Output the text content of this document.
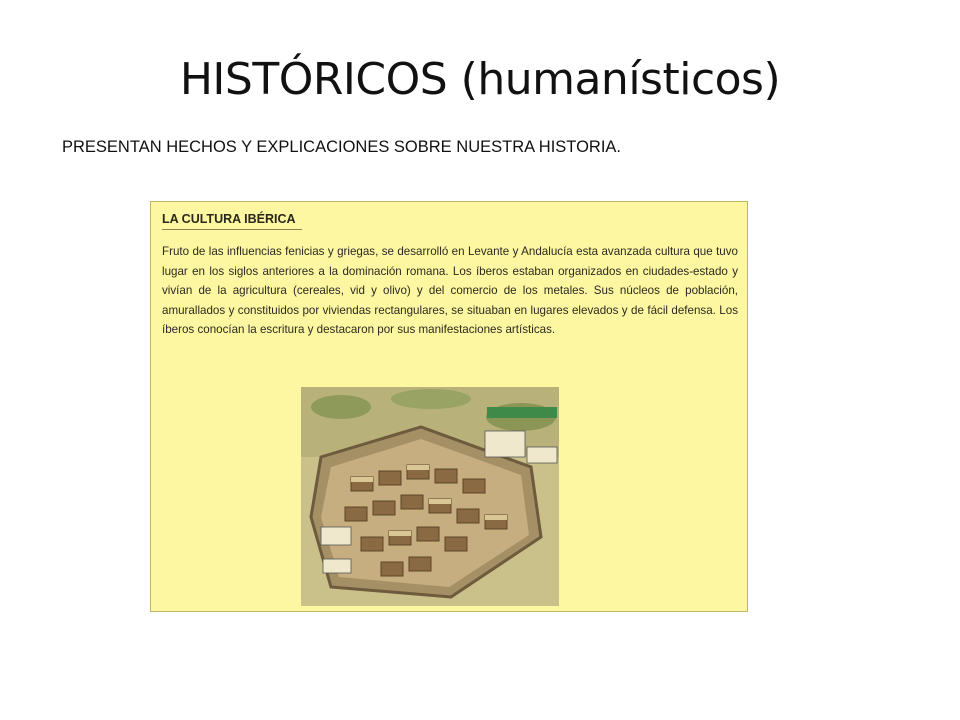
HISTÓRICOS (humanísticos)
PRESENTAN HECHOS Y EXPLICACIONES SOBRE NUESTRA HISTORIA.
LA CULTURA IBÉRICA
Fruto de las influencias fenicias y griegas, se desarrolló en Levante y Andalucía esta avanzada cultura que tuvo lugar en los siglos anteriores a la dominación romana. Los íberos estaban organizados en ciudades-estado y vivían de la agricultura (cereales, vid y olivo) y del comercio de los metales. Sus núcleos de población, amurallados y constituidos por viviendas rectangulares, se situaban en lugares elevados y de fácil defensa. Los íberos conocían la escritura y destacaron por sus manifestaciones artísticas.
